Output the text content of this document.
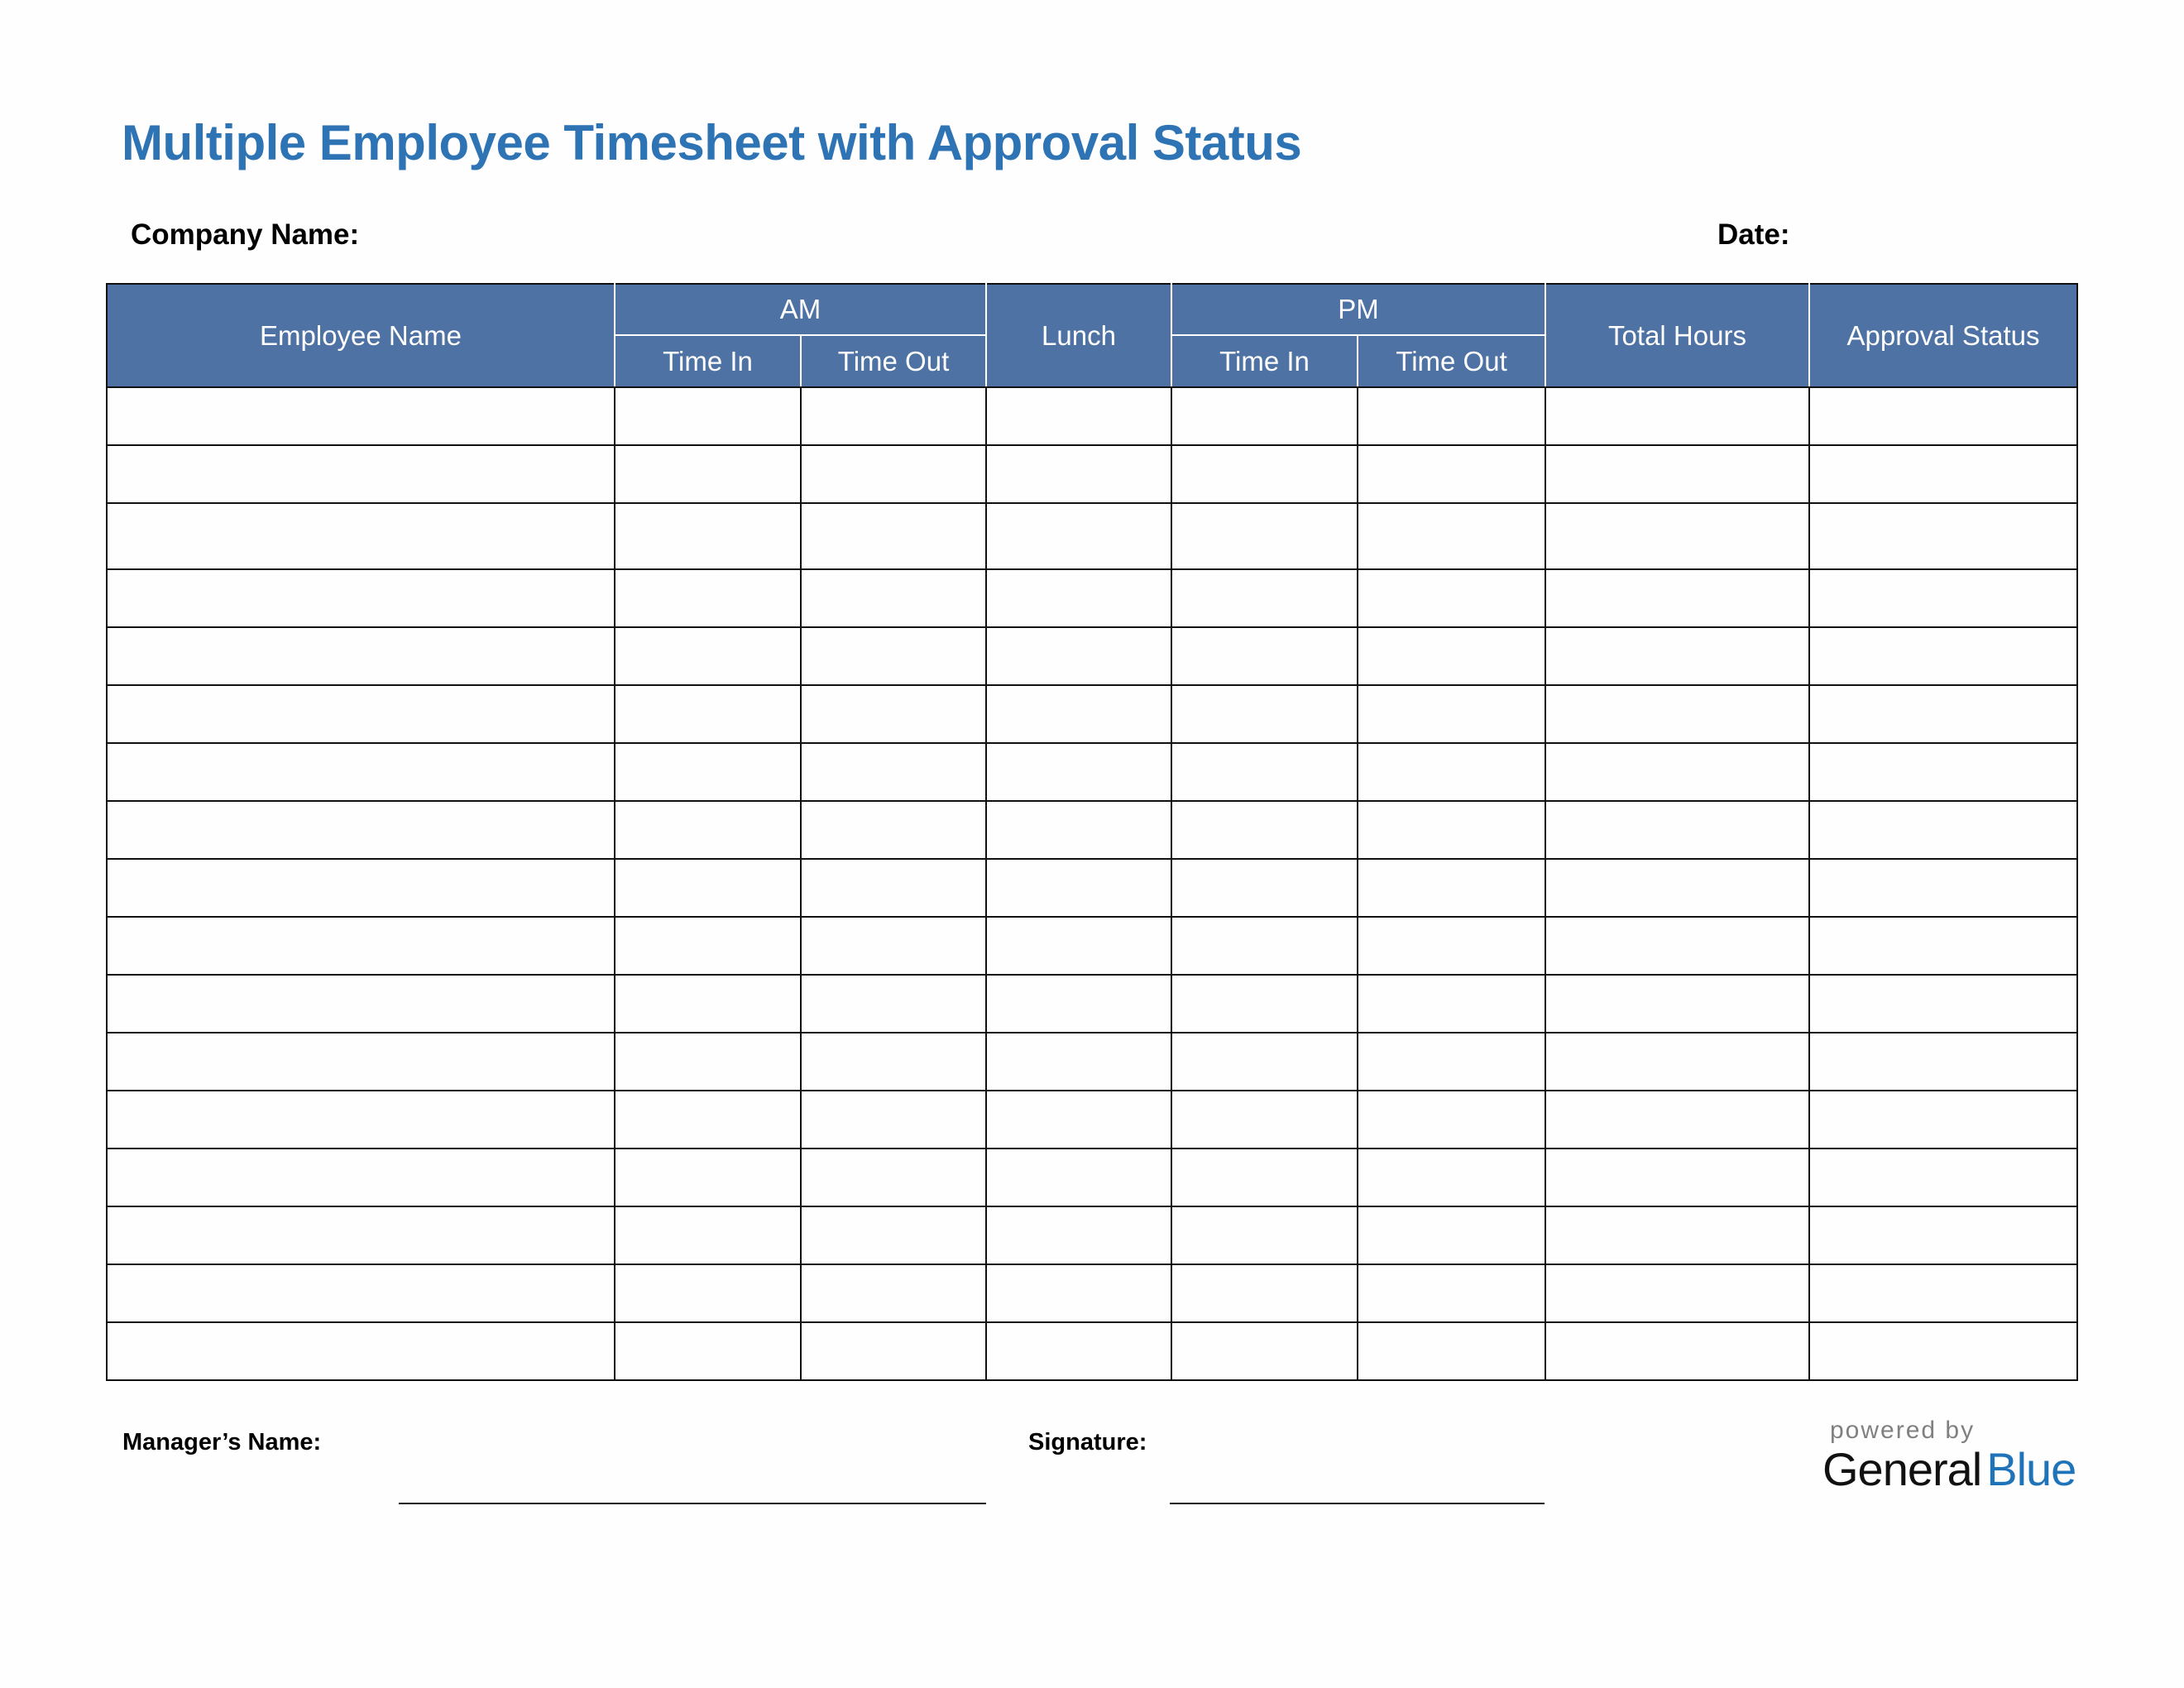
Multiple Employee Timesheet with Approval Status
Company Name:	Date:
Employee Name	AM		Lunch	PM		Total Hours	Approval Status
	Time In	Time Out		Time In	Time Out		

Manager’s Name:	Signature:	powered by
General Blue
